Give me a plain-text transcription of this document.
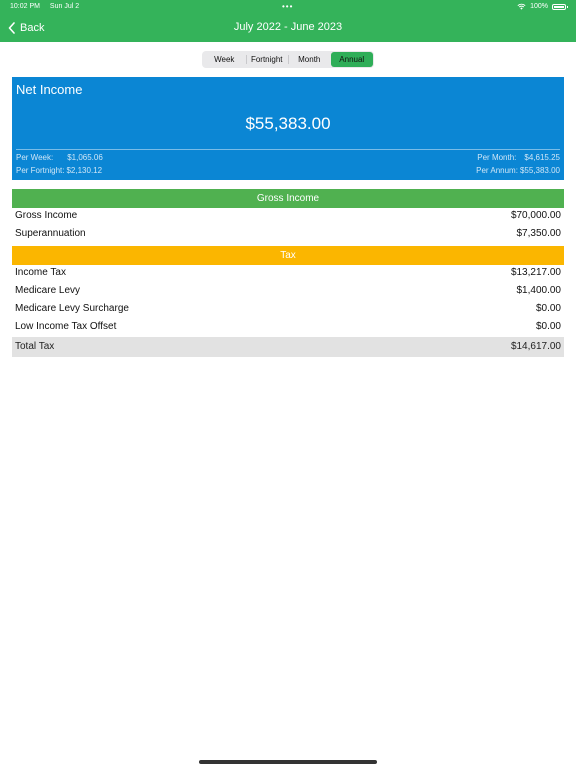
10:02 PM Sun Jul 2	•••	100%
Back	July 2022 - June 2023
Week	Fortnight	Month	Annual
Net Income
$55,383.00
Per Week: $1,065.06
Per Fortnight: $2,130.12
Per Month: $4,615.25
Per Annum: $55,383.00
Gross Income
Gross Income	$70,000.00
Superannuation	$7,350.00
Tax
Income Tax	$13,217.00
Medicare Levy	$1,400.00
Medicare Levy Surcharge	$0.00
Low Income Tax Offset	$0.00
Total Tax	$14,617.00
